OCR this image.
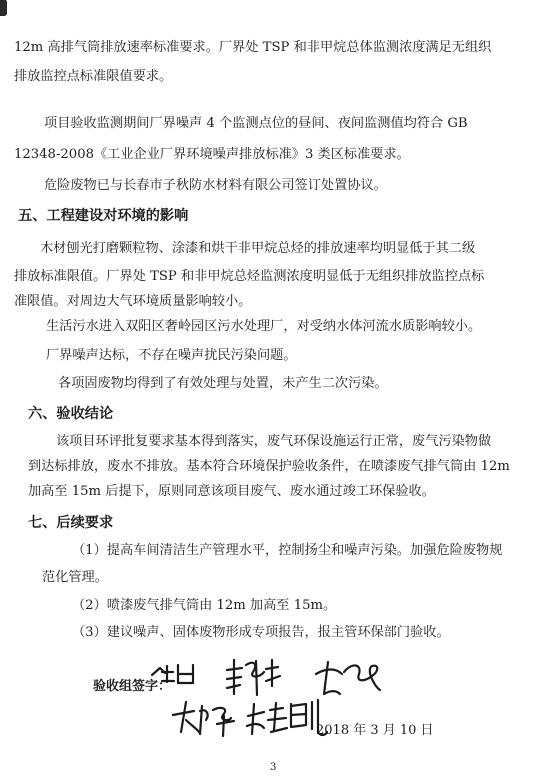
12m 高排气筒排放速率标准要求。厂界处 TSP 和非甲烷总体监测浓度满足无组织
排放监控点标准限值要求。
项目验收监测期间厂界噪声 4 个监测点位的昼间、夜间监测值均符合 GB
12348-2008《工业企业厂界环境噪声排放标准》3 类区标准要求。
危险废物已与长春市子秋防水材料有限公司签订处置协议。
五、工程建设对环境的影响
木材刨光打磨颗粒物、涂漆和烘干非甲烷总烃的排放速率均明显低于其二级
排放标准限值。厂界处 TSP 和非甲烷总烃监测浓度明显低于无组织排放监控点标
准限值。对周边大气环境质量影响较小。
生活污水进入双阳区奢岭园区污水处理厂，对受纳水体河流水质影响较小。
厂界噪声达标，不存在噪声扰民污染问题。
各项固废物均得到了有效处理与处置，未产生二次污染。
六、验收结论
该项目环评批复要求基本得到落实，废气环保设施运行正常，废气污染物做
到达标排放，废水不排放。基本符合环境保护验收条件，在喷漆废气排气筒由 12m
加高至 15m 后提下，原则同意该项目废气、废水通过竣工环保验收。
七、后续要求
（1）提高车间清洁生产管理水平，控制扬尘和噪声污染。加强危险废物规
范化管理。
（2）喷漆废气排气筒由 12m 加高至 15m。
（3）建议噪声、固体废物形成专项报告，报主管环保部门验收。
验收组签字：
2018 年 3 月 10 日
3
